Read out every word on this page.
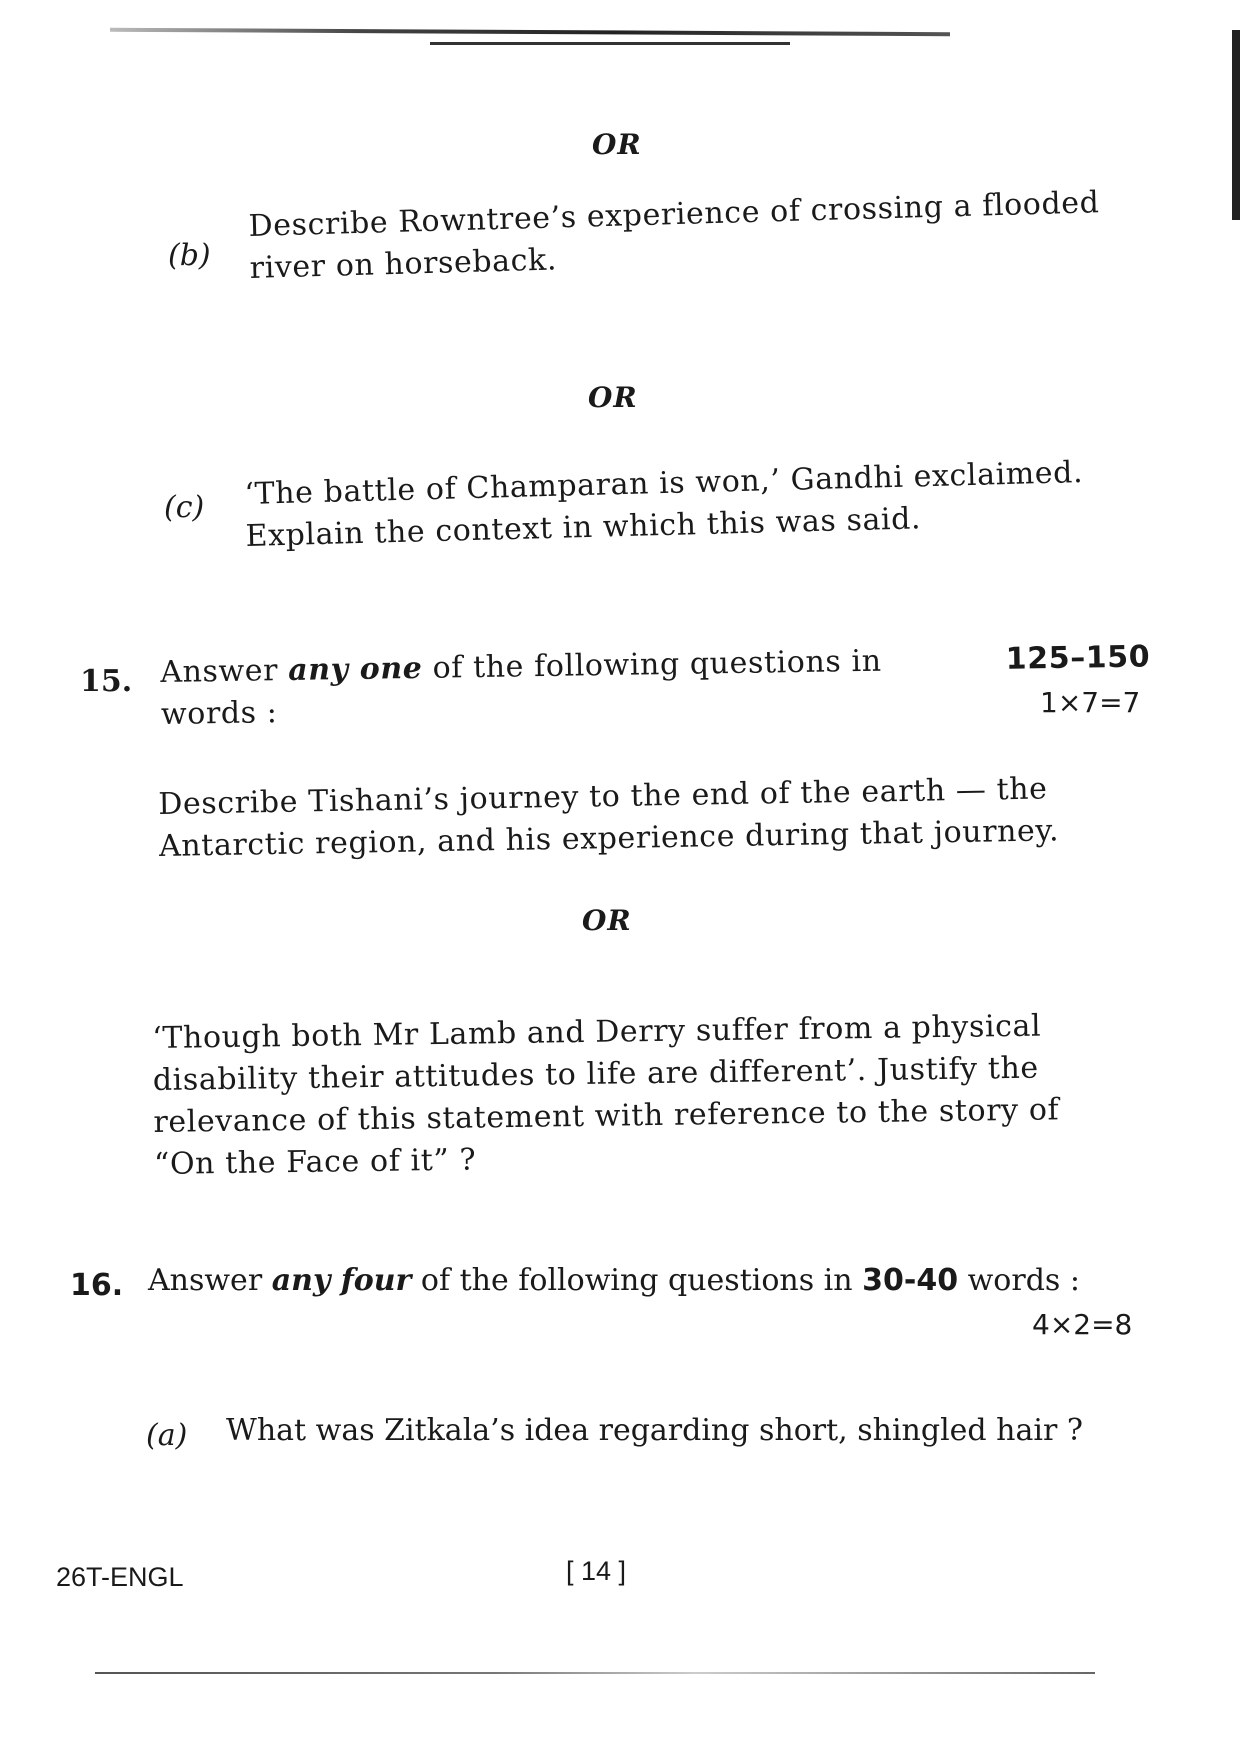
OR
(b)
Describe Rowntree’s experience of crossing a flooded
river on horseback.
OR
(c) ‘The battle of Champaran is won,’ Gandhi exclaimed.
Explain the context in which this was said.
15. Answer any one of the following questions in	125–150
words :	1×7=7
Describe Tishani’s journey to the end of the earth — the
Antarctic region, and his experience during that journey.
OR
‘Though both Mr Lamb and Derry suffer from a physical
disability their attitudes to life are different’. Justify the
relevance of this statement with reference to the story of
“On the Face of it” ?
16. Answer any four of the following questions in 30-40 words :
4×2=8
(a) What was Zitkala’s idea regarding short, shingled hair ?
26T-ENGL	[ 14 ]
